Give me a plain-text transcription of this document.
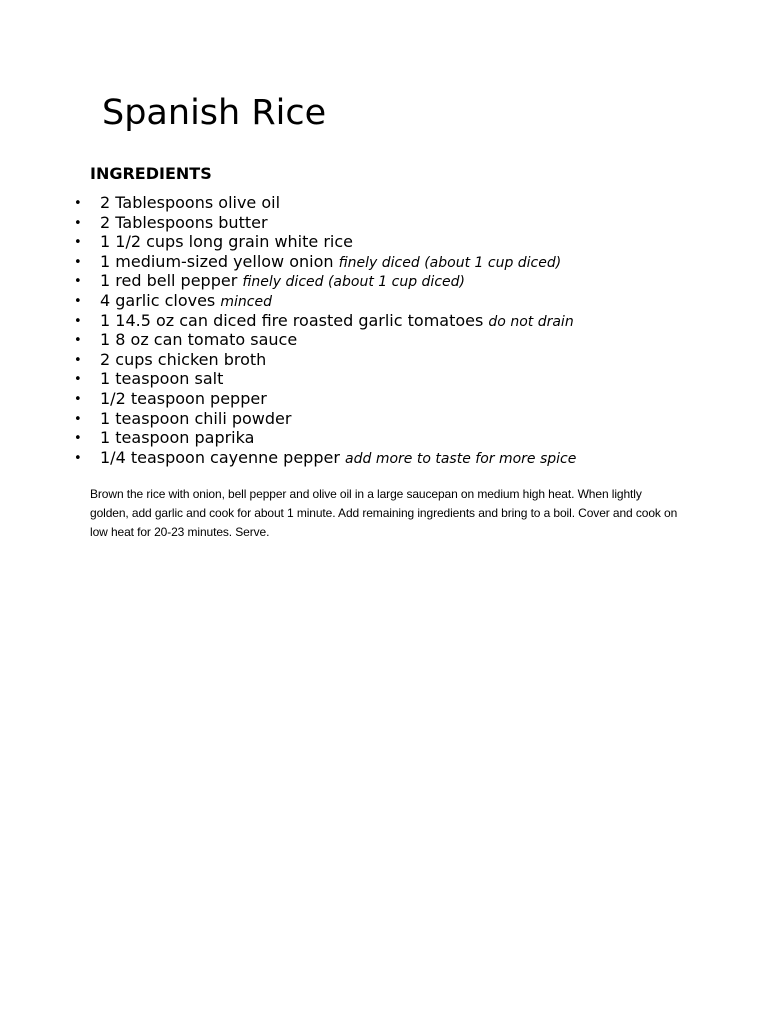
Spanish Rice
INGREDIENTS
• 2 Tablespoons olive oil
• 2 Tablespoons butter
• 1 1/2 cups long grain white rice
• 1 medium-sized yellow onion finely diced (about 1 cup diced)
• 1 red bell pepper finely diced (about 1 cup diced)
• 4 garlic cloves minced
• 1 14.5 oz can diced fire roasted garlic tomatoes do not drain
• 1 8 oz can tomato sauce
• 2 cups chicken broth
• 1 teaspoon salt
• 1/2 teaspoon pepper
• 1 teaspoon chili powder
• 1 teaspoon paprika
• 1/4 teaspoon cayenne pepper add more to taste for more spice

Brown the rice with onion, bell pepper and olive oil in a large saucepan on medium high heat. When lightly golden, add garlic and cook for about 1 minute. Add remaining ingredients and bring to a boil. Cover and cook on low heat for 20-23 minutes. Serve.
